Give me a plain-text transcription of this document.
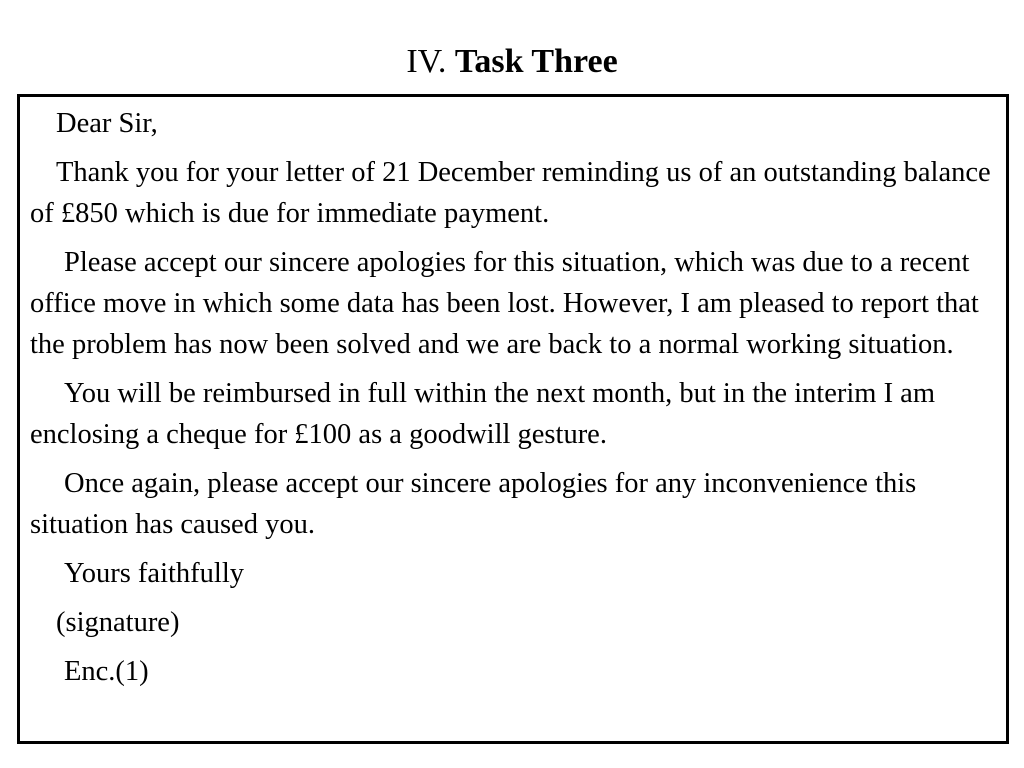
IV. Task Three

Dear Sir,

Thank you for your letter of 21 December reminding us of an outstanding balance of £850 which is due for immediate payment.

Please accept our sincere apologies for this situation, which was due to a recent office move in which some data has been lost. However, I am pleased to report that the problem has now been solved and we are back to a normal working situation.

You will be reimbursed in full within the next month, but in the interim I am enclosing a cheque for £100 as a goodwill gesture.

Once again, please accept our sincere apologies for any inconvenience this situation has caused you.

Yours faithfully

(signature)

Enc.(1)
